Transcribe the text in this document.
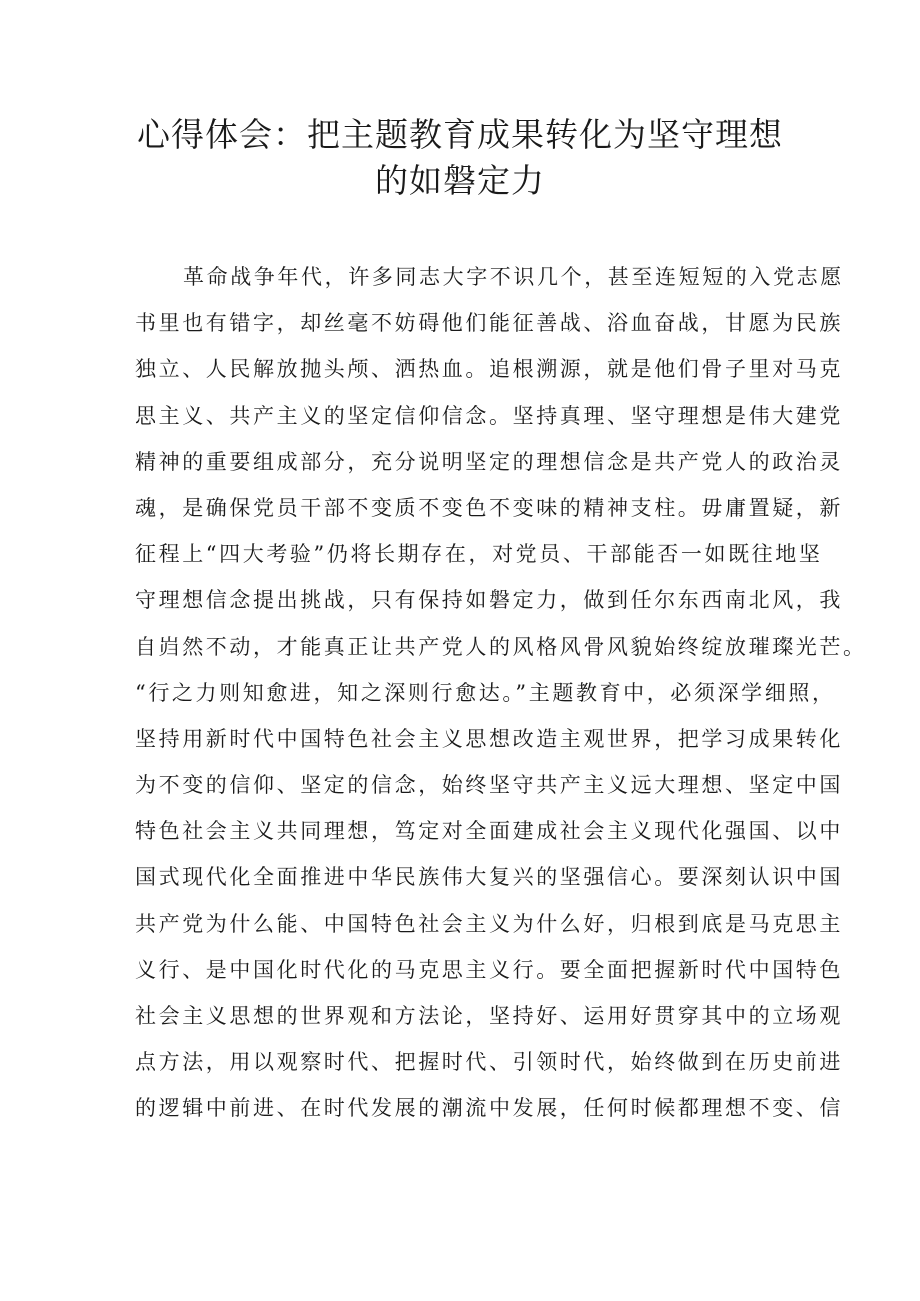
心得体会：把主题教育成果转化为坚守理想
的如磐定力
革命战争年代，许多同志大字不识几个，甚至连短短的入党志愿
书里也有错字，却丝毫不妨碍他们能征善战、浴血奋战，甘愿为民族
独立、人民解放抛头颅、洒热血。追根溯源，就是他们骨子里对马克
思主义、共产主义的坚定信仰信念。坚持真理、坚守理想是伟大建党
精神的重要组成部分，充分说明坚定的理想信念是共产党人的政治灵
魂，是确保党员干部不变质不变色不变味的精神支柱。毋庸置疑，新
征程上“四大考验”仍将长期存在，对党员、干部能否一如既往地坚
守理想信念提出挑战，只有保持如磐定力，做到任尔东西南北风，我
自岿然不动，才能真正让共产党人的风格风骨风貌始终绽放璀璨光芒。
“行之力则知愈进，知之深则行愈达。”主题教育中，必须深学细照，
坚持用新时代中国特色社会主义思想改造主观世界，把学习成果转化
为不变的信仰、坚定的信念，始终坚守共产主义远大理想、坚定中国
特色社会主义共同理想，笃定对全面建成社会主义现代化强国、以中
国式现代化全面推进中华民族伟大复兴的坚强信心。要深刻认识中国
共产党为什么能、中国特色社会主义为什么好，归根到底是马克思主
义行、是中国化时代化的马克思主义行。要全面把握新时代中国特色
社会主义思想的世界观和方法论，坚持好、运用好贯穿其中的立场观
点方法，用以观察时代、把握时代、引领时代，始终做到在历史前进
的逻辑中前进、在时代发展的潮流中发展，任何时候都理想不变、信
